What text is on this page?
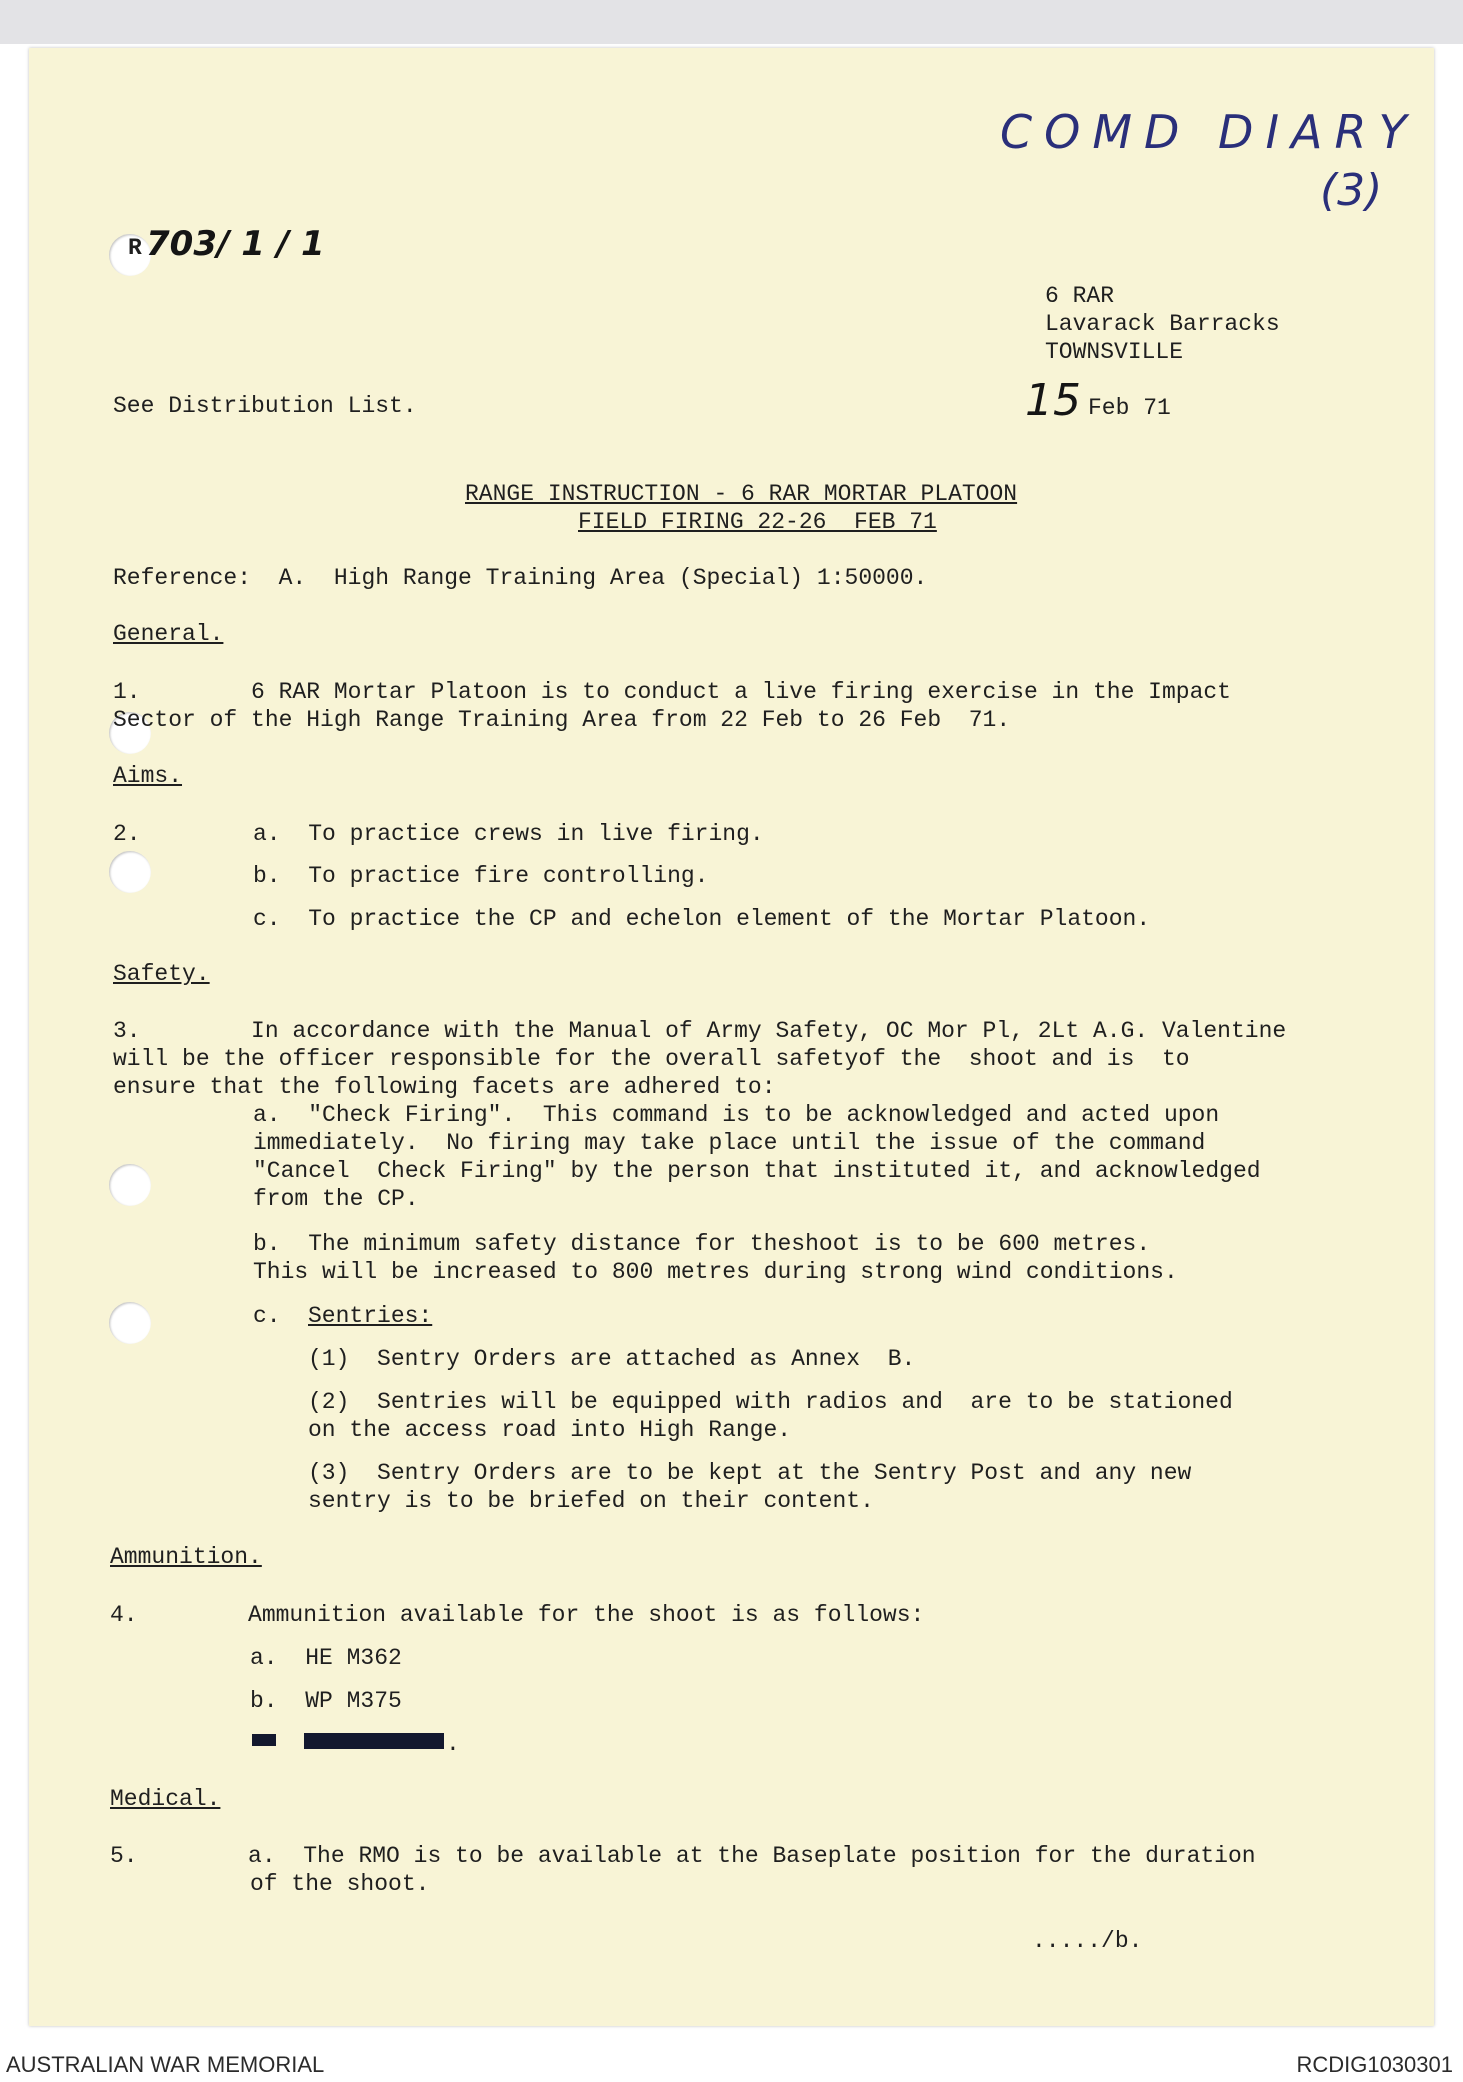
COMD DIARY
(3)
R 703/ 1 / 1
6 RAR
Lavarack Barracks
TOWNSVILLE
15 Feb 71
See Distribution List.
RANGE INSTRUCTION - 6 RAR MORTAR PLATOON
FIELD FIRING 22-26  FEB 71
Reference:  A.  High Range Training Area (Special) 1:50000.
General.
1.        6 RAR Mortar Platoon is to conduct a live firing exercise in the Impact
Sector of the High Range Training Area from 22 Feb to 26 Feb  71.
Aims.
2.	a.  To practice crews in live firing.
b.  To practice fire controlling.
c.  To practice the CP and echelon element of the Mortar Platoon.
Safety.
3.        In accordance with the Manual of Army Safety, OC Mor Pl, 2Lt A.G. Valentine
will be the officer responsible for the overall safetyof the  shoot and is  to
ensure that the following facets are adhered to:
a.  "Check Firing".  This command is to be acknowledged and acted upon
immediately.  No firing may take place until the issue of the command
"Cancel  Check Firing" by the person that instituted it, and acknowledged
from the CP.
b.  The minimum safety distance for theshoot is to be 600 metres.
This will be increased to 800 metres during strong wind conditions.
c. Sentries:
(1)  Sentry Orders are attached as Annex  B.
(2)  Sentries will be equipped with radios and  are to be stationed
on the access road into High Range.
(3)  Sentry Orders are to be kept at the Sentry Post and any new
sentry is to be briefed on their content.
Ammunition.
4.        Ammunition available for the shoot is as follows:
a.  HE M362
b.  WP M375
.
Medical.
5.        a.  The RMO is to be available at the Baseplate position for the duration
of the shoot.
...../b.
AUSTRALIAN WAR MEMORIAL	RCDIG1030301
